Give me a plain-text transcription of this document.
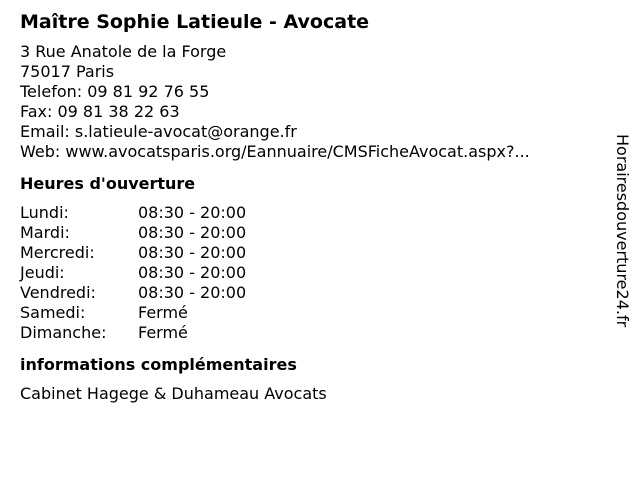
Maître Sophie Latieule - Avocate
3 Rue Anatole de la Forge
75017 Paris
Telefon: 09 81 92 76 55
Fax: 09 81 38 22 63
Email: s.latieule-avocat@orange.fr
Web: www.avocatsparis.org/Eannuaire/CMSFicheAvocat.aspx?...
Heures d'ouverture
Lundi:	08:30 - 20:00
Mardi:	08:30 - 20:00
Mercredi:	08:30 - 20:00
Jeudi:	08:30 - 20:00
Vendredi:	08:30 - 20:00
Samedi:	Fermé
Dimanche:	Fermé
informations complémentaires
Cabinet Hagege & Duhameau Avocats
Horairesdouverture24.fr
